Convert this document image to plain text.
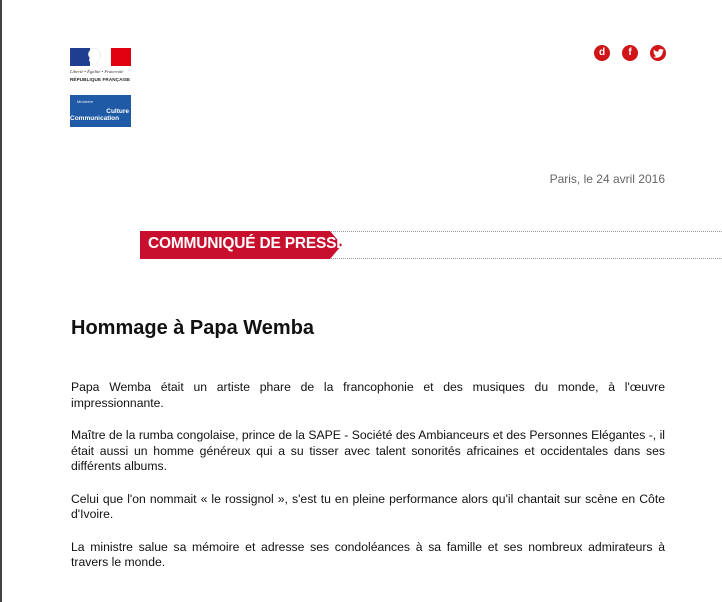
Liberté • Égalité • Fraternité
RÉPUBLIQUE FRANÇAISE
Ministère
Culture
Communication
d	f
Paris, le 24 avril 2016
COMMUNIQUÉ DE PRESSE
Hommage à Papa Wemba

Papa Wemba était un artiste phare de la francophonie et des musiques du monde, à l'œuvre impressionnante.

Maître de la rumba congolaise, prince de la SAPE - Société des Ambianceurs et des Personnes Elégantes -, il était aussi un homme généreux qui a su tisser avec talent sonorités africaines et occidentales dans ses différents albums.

Celui que l'on nommait « le rossignol », s'est tu en pleine performance alors qu'il chantait sur scène en Côte d'Ivoire.

La ministre salue sa mémoire et adresse ses condoléances à sa famille et ses nombreux admirateurs à travers le monde.
